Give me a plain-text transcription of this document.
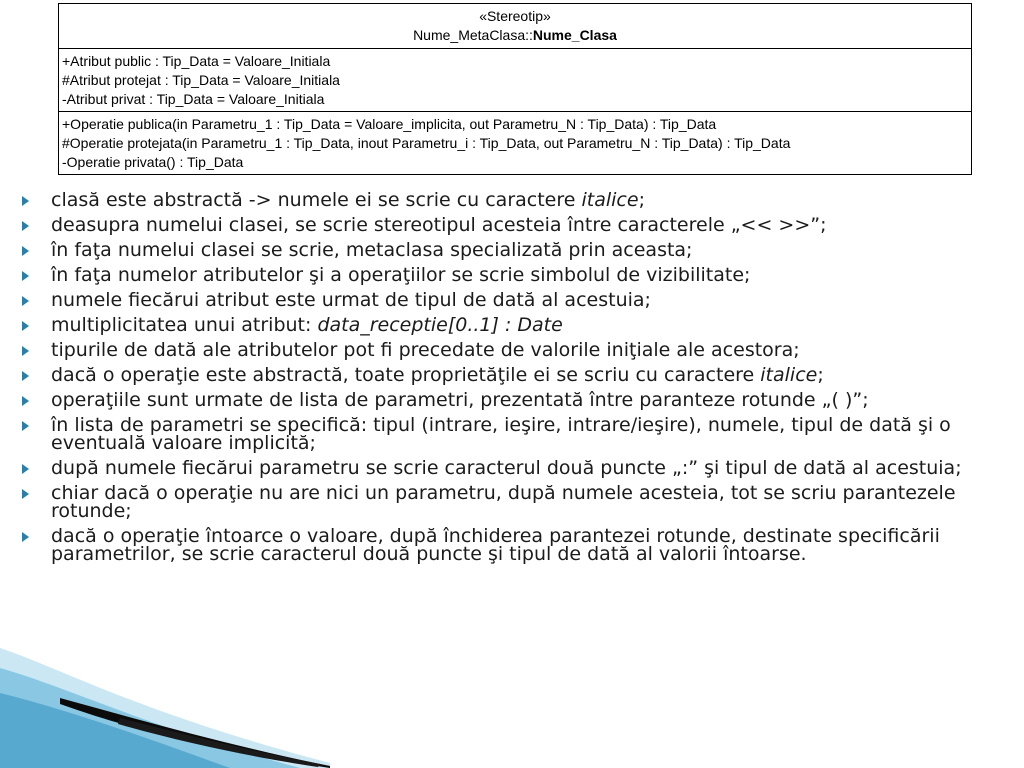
«Stereotip»
Nume_MetaClasa::Nume_Clasa
+Atribut public : Tip_Data = Valoare_Initiala
#Atribut protejat : Tip_Data = Valoare_Initiala
-Atribut privat : Tip_Data = Valoare_Initiala
+Operatie publica(in Parametru_1 : Tip_Data = Valoare_implicita, out Parametru_N : Tip_Data) : Tip_Data
#Operatie protejata(in Parametru_1 : Tip_Data, inout Parametru_i : Tip_Data, out Parametru_N : Tip_Data) : Tip_Data
-Operatie privata() : Tip_Data
clasă este abstractă -> numele ei se scrie cu caractere italice;
deasupra numelui clasei, se scrie stereotipul acesteia între caracterele „<< >>”;
în faţa numelui clasei se scrie, metaclasa specializată prin aceasta;
în faţa numelor atributelor şi a operaţiilor se scrie simbolul de vizibilitate;
numele fiecărui atribut este urmat de tipul de dată al acestuia;
multiplicitatea unui atribut: data_receptie[0..1] : Date
tipurile de dată ale atributelor pot fi precedate de valorile iniţiale ale acestora;
dacă o operaţie este abstractă, toate proprietăţile ei se scriu cu caractere italice;
operaţiile sunt urmate de lista de parametri, prezentată între paranteze rotunde „( )”;
în lista de parametri se specifică: tipul (intrare, ieşire, intrare/ieşire), numele, tipul de dată şi o eventuală valoare implicită;
după numele fiecărui parametru se scrie caracterul două puncte „:” şi tipul de dată al acestuia;
chiar dacă o operaţie nu are nici un parametru, după numele acesteia, tot se scriu parantezele rotunde;
dacă o operaţie întoarce o valoare, după închiderea parantezei rotunde, destinate specificării parametrilor, se scrie caracterul două puncte şi tipul de dată al valorii întoarse.
